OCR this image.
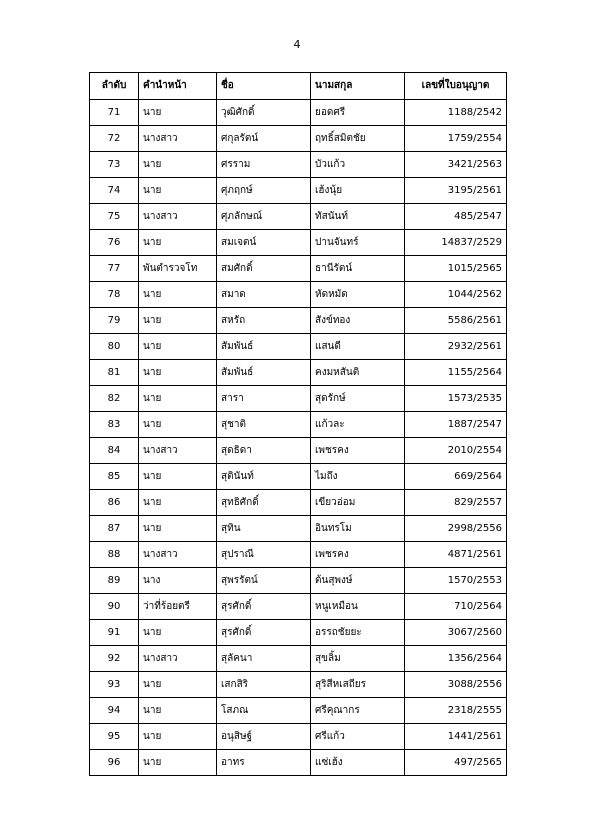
4
ลำดับ	คำนำหน้า	ชื่อ	นามสกุล	เลขที่ใบอนุญาต
71	นาย	วุฒิศักดิ์	ยอดศรี	1188/2542
72	นางสาว	ศกุลรัตน์	ฤทธิ์สมิตชัย	1759/2554
73	นาย	ศรราม	บัวแก้ว	3421/2563
74	นาย	ศุภฤกษ์	เฮ้งนุ้ย	3195/2561
75	นางสาว	ศุภลักษณ์	ทัสนันท์	485/2547
76	นาย	สมเจตน์	ปานจันทร์	14837/2529
77	พันตำรวจโท	สมศักดิ์	ธานีรัตน์	1015/2565
78	นาย	สมาด	หัดหมัด	1044/2562
79	นาย	สหรัถ	สังข์ทอง	5586/2561
80	นาย	สัมพันธ์	แสนดี	2932/2561
81	นาย	สัมพันธ์	คงมหสันติ	1155/2564
82	นาย	สารา	สุดรักษ์	1573/2535
83	นาย	สุชาติ	แก้วละ	1887/2547
84	นางสาว	สุดธิดา	เพชรคง	2010/2554
85	นาย	สุตินันท์	ไมถึง	669/2564
86	นาย	สุทธิศักดิ์	เขียวอ่อม	829/2557
87	นาย	สุทิน	อินทรโม	2998/2556
88	นางสาว	สุปราณี	เพชรคง	4871/2561
89	นาง	สุพรรัตน์	ต้นสุพงษ์	1570/2553
90	ว่าที่ร้อยตรี	สุรศักดิ์	หนูเหมือน	710/2564
91	นาย	สุรศักดิ์	อรรถชัยยะ	3067/2560
92	นางสาว	สุลัคนา	สุขลิ้ม	1356/2564
93	นาย	เสกสิริ	สุริสีหเสถียร	3088/2556
94	นาย	โสภณ	ศรีคุณากร	2318/2555
95	นาย	อนุสิษฐ์	ศรีแก้ว	1441/2561
96	นาย	อาทร	แซ่เฮ้ง	497/2565
